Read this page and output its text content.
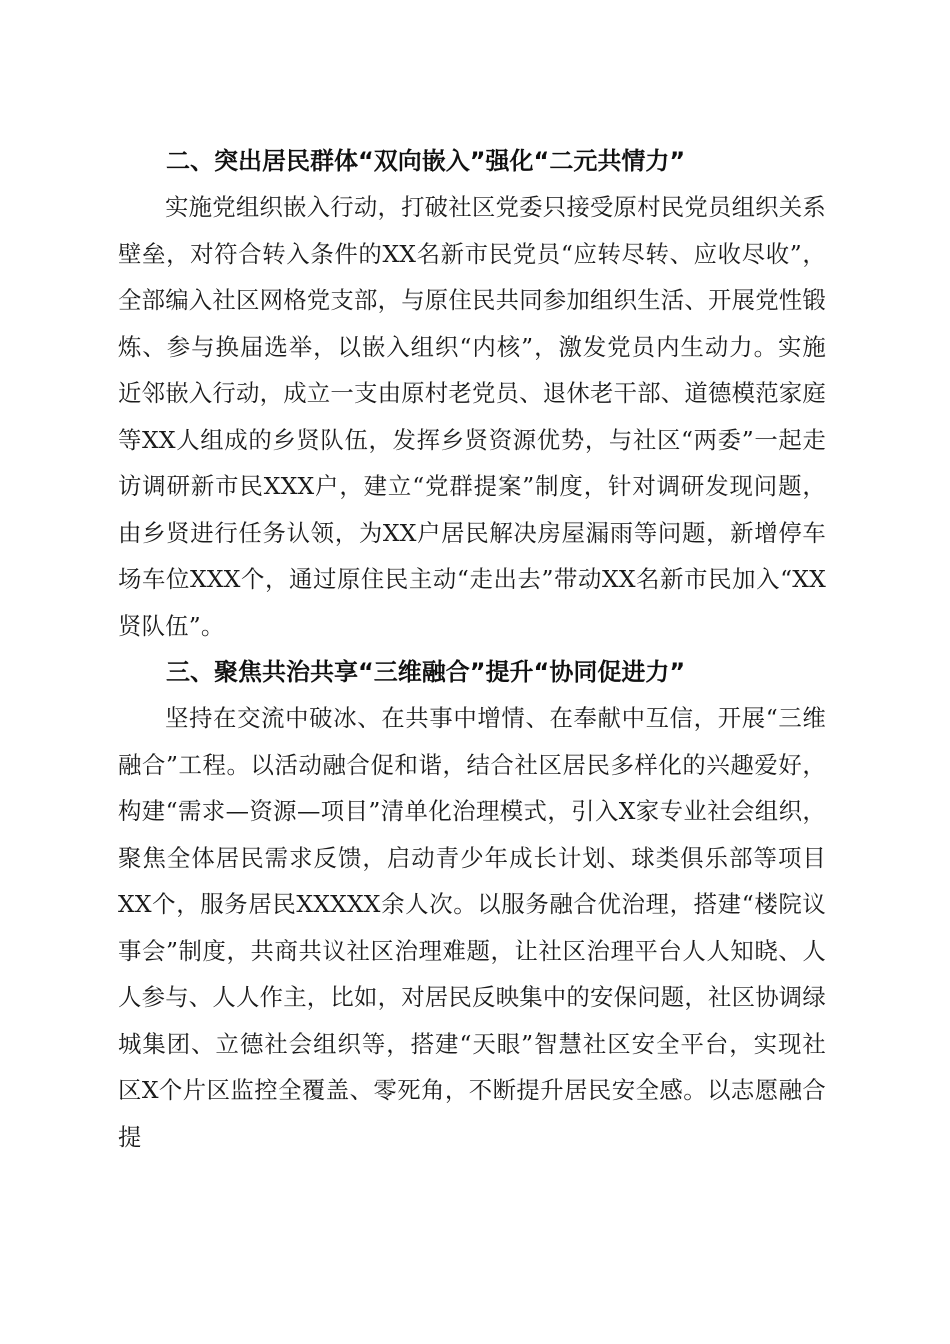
二、突出居民群体“双向嵌入”强化“二元共情力”

实施党组织嵌入行动，打破社区党委只接受原村民党员组织关系壁垒，对符合转入条件的XX名新市民党员“应转尽转、应收尽收”，全部编入社区网格党支部，与原住民共同参加组织生活、开展党性锻炼、参与换届选举，以嵌入组织“内核”，激发党员内生动力。实施近邻嵌入行动，成立一支由原村老党员、退休老干部、道德模范家庭等XX人组成的乡贤队伍，发挥乡贤资源优势，与社区“两委”一起走访调研新市民XXX户，建立“党群提案”制度，针对调研发现问题，由乡贤进行任务认领，为XX户居民解决房屋漏雨等问题，新增停车场车位XXX个，通过原住民主动“走出去”带动XX名新市民加入“XX贤队伍”。

三、聚焦共治共享“三维融合”提升“协同促进力”

坚持在交流中破冰、在共事中增情、在奉献中互信，开展“三维融合”工程。以活动融合促和谐，结合社区居民多样化的兴趣爱好，构建“需求—资源—项目”清单化治理模式，引入X家专业社会组织，聚焦全体居民需求反馈，启动青少年成长计划、球类俱乐部等项目XX个，服务居民XXXXX余人次。以服务融合优治理，搭建“楼院议事会”制度，共商共议社区治理难题，让社区治理平台人人知晓、人人参与、人人作主，比如，对居民反映集中的安保问题，社区协调绿城集团、立德社会组织等，搭建“天眼”智慧社区安全平台，实现社区X个片区监控全覆盖、零死角，不断提升居民安全感。以志愿融合提
